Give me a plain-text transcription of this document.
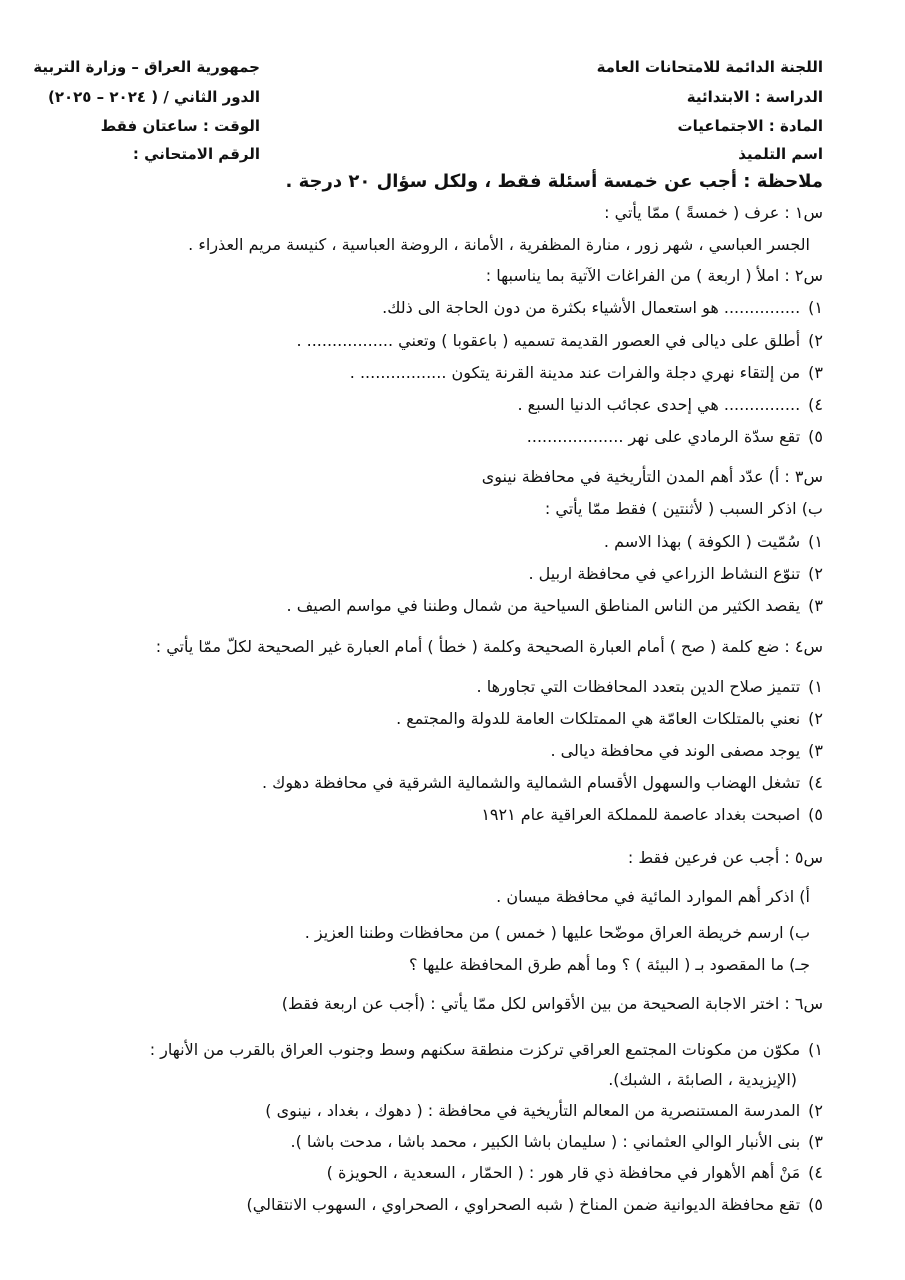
اللجنة الدائمة للامتحانات العامة
الدراسة : الابتدائية
المادة : الاجتماعيات
اسم التلميذ
جمهورية العراق – وزارة التربية
الدور الثاني / ( ٢٠٢٤ – ٢٠٢٥)
الوقت : ساعتان فقط
الرقم الامتحاني :
ملاحظة : أجب عن خمسة أسئلة فقط ، ولكل سؤال ٢٠ درجة .
س١ : عرف ( خمسةً ) ممّا يأتي :
الجسر العباسي ، شهر زور ، منارة المظفرية ، الأمانة ، الروضة العباسية ، كنيسة مريم العذراء .
س٢ : املأ ( اربعة ) من الفراغات الآتية بما يناسبها :
١)............... هو استعمال الأشياء بكثرة من دون الحاجة الى ذلك.
٢)أطلق على ديالى في العصور القديمة تسميه ( باعقوبا ) وتعني ................. .
٣)من إلتقاء نهري دجلة والفرات عند مدينة القرنة يتكون ................. .
٤)............... هي إحدى عجائب الدنيا السبع .
٥)تقع سدّة الرمادي على نهر ...................
س٣ : أ) عدّد أهم المدن التأريخية في محافظة نينوى
ب) اذكر السبب ( لأثنتين ) فقط ممّا يأتي :
١)سُمّيت ( الكوفة ) بهذا الاسم .
٢)تنوّع النشاط الزراعي في محافظة اربيل .
٣)يقصد الكثير من الناس المناطق السياحية من شمال وطننا في مواسم الصيف .
س٤ : ضع كلمة ( صح ) أمام العبارة الصحيحة وكلمة ( خطأ ) أمام العبارة غير الصحيحة لكلّ ممّا يأتي :
١)تتميز صلاح الدين بتعدد المحافظات التي تجاورها .
٢)نعني بالمتلكات العامّة هي الممتلكات العامة للدولة والمجتمع .
٣)يوجد مصفى الوند في محافظة ديالى .
٤)تشغل الهضاب والسهول الأقسام الشمالية والشمالية الشرقية في محافظة دهوك .
٥)اصبحت بغداد عاصمة للمملكة العراقية عام ١٩٢١
س٥ : أجب عن فرعين فقط :
أ) اذكر أهم الموارد المائية في محافظة ميسان .
ب) ارسم خريطة العراق موضّحا عليها ( خمس ) من محافظات وطننا العزيز .
جـ) ما المقصود بـ ( البيئة ) ؟ وما أهم طرق المحافظة عليها ؟
س٦ : اختر الاجابة الصحيحة من بين الأقواس لكل ممّا يأتي : (أجب عن اربعة فقط)
١)مكوّن من مكونات المجتمع العراقي تركزت منطقة سكنهم وسط وجنوب العراق بالقرب من الأنهار :
(الإيزيدية ، الصابئة ، الشبك).
٢)المدرسة المستنصرية من المعالم التأريخية في محافظة : ( دهوك ، بغداد ، نينوى )
٣)بنى الأنبار الوالي العثماني : ( سليمان باشا الكبير ، محمد باشا ، مدحت باشا ).
٤)مَنْ أهم الأهوار في محافظة ذي قار هور : ( الحمّار ، السعدية ، الحويزة )
٥)تقع محافظة الديوانية ضمن المناخ ( شبه الصحراوي ، الصحراوي ، السهوب الانتقالي)
